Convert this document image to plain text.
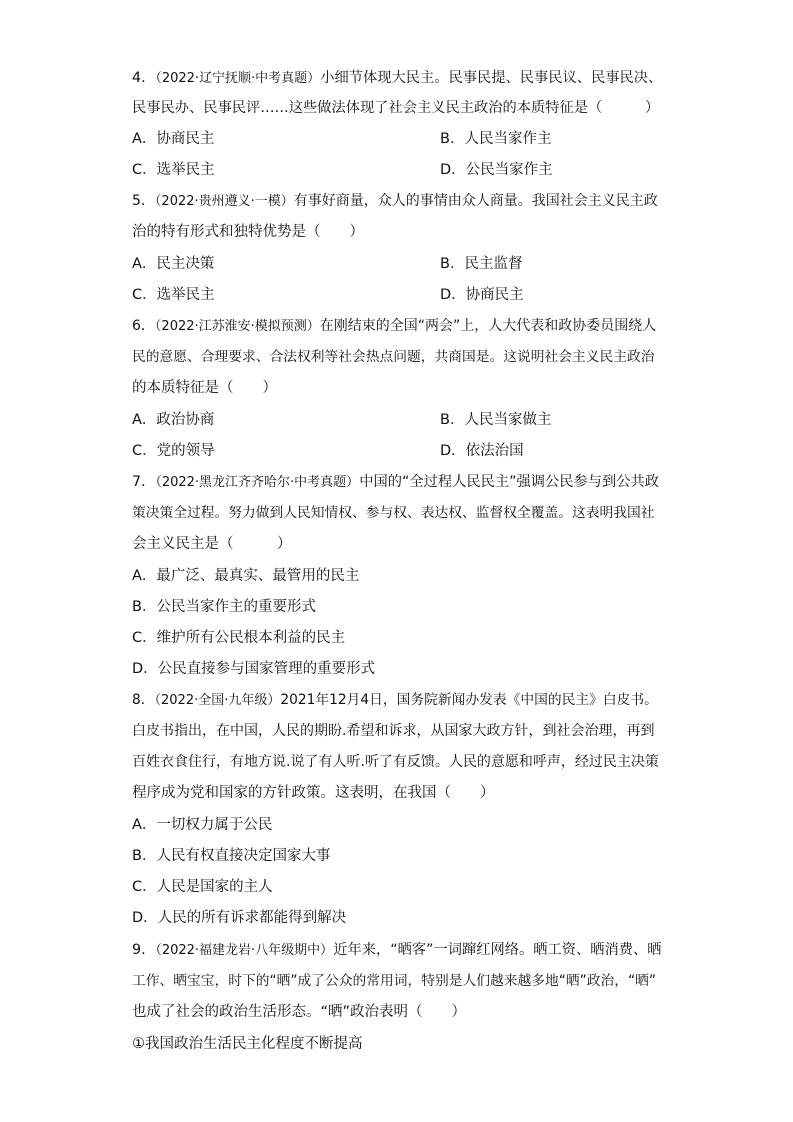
4．（2022·辽宁抚顺·中考真题）小细节体现大民主。民事民提、民事民议、民事民决、
民事民办、民事民评……这些做法体现了社会主义民主政治的本质特征是（　　　）
A．协商民主	B．人民当家作主
C．选举民主	D．公民当家作主
5．（2022·贵州遵义·一模）有事好商量，众人的事情由众人商量。我国社会主义民主政
治的特有形式和独特优势是（　　）
A．民主决策	B．民主监督
C．选举民主	D．协商民主
6．（2022·江苏淮安·模拟预测）在刚结束的全国“两会”上，人大代表和政协委员围绕人
民的意愿、合理要求、合法权利等社会热点问题，共商国是。这说明社会主义民主政治
的本质特征是（　　）
A．政治协商	B．人民当家做主
C．党的领导	D．依法治国
7．（2022·黑龙江齐齐哈尔·中考真题）中国的“全过程人民民主”强调公民参与到公共政
策决策全过程。努力做到人民知情权、参与权、表达权、监督权全覆盖。这表明我国社
会主义民主是（　　　）
A．最广泛、最真实、最管用的民主
B．公民当家作主的重要形式
C．维护所有公民根本利益的民主
D．公民直接参与国家管理的重要形式
8．（2022·全国·九年级）2021年12月4日，国务院新闻办发表《中国的民主》白皮书。
白皮书指出，在中国，人民的期盼.希望和诉求，从国家大政方针，到社会治理，再到
百姓衣食住行，有地方说.说了有人听.听了有反馈。人民的意愿和呼声，经过民主决策
程序成为党和国家的方针政策。这表明，在我国（　　）
A．一切权力属于公民
B．人民有权直接决定国家大事
C．人民是国家的主人
D．人民的所有诉求都能得到解决
9．（2022·福建龙岩·八年级期中）近年来，“晒客”一词蹿红网络。晒工资、晒消费、晒
工作、晒宝宝，时下的“晒”成了公众的常用词，特别是人们越来越多地“晒”政治，“晒”
也成了社会的政治生活形态。“晒”政治表明（　　）
①我国政治生活民主化程度不断提高
